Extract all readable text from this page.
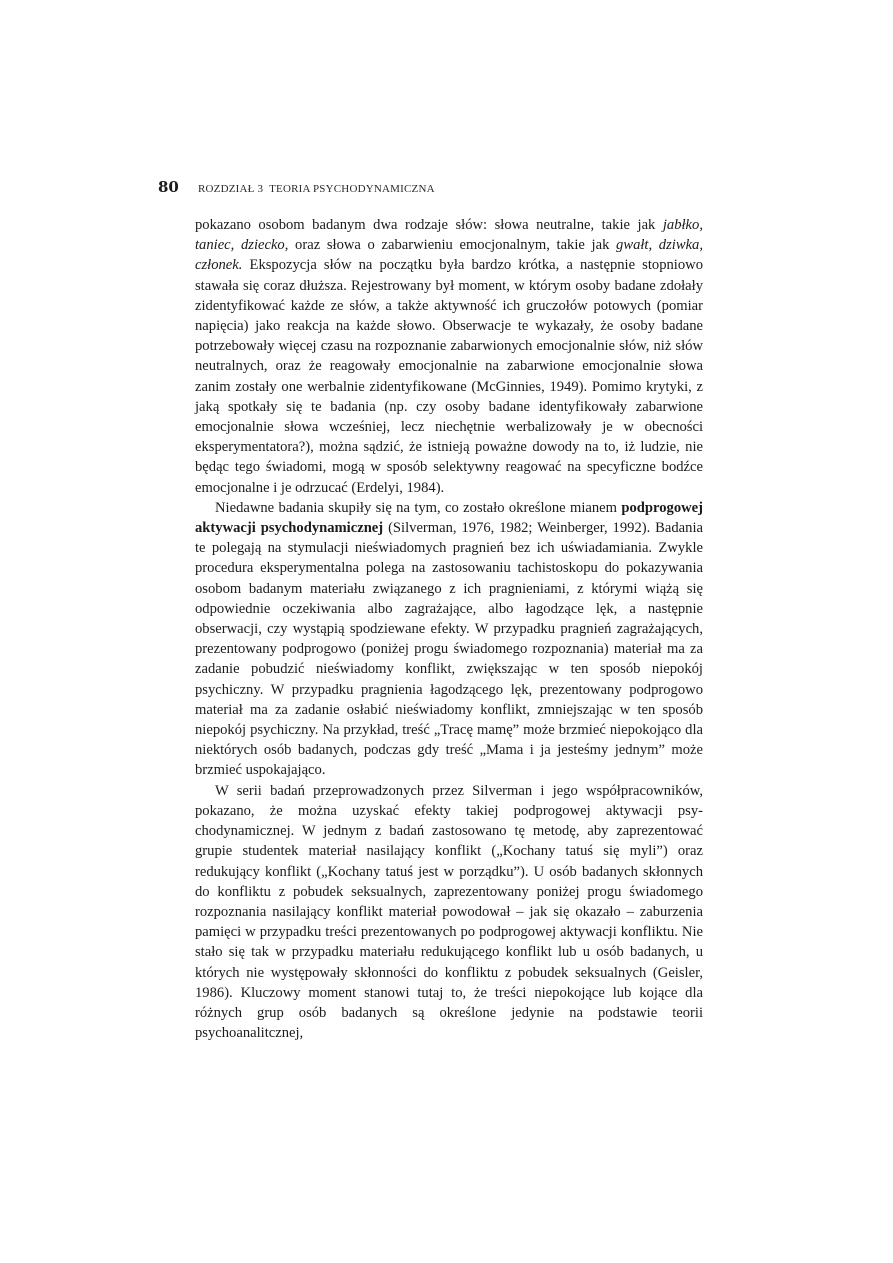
80 ROZDZIAŁ 3 TEORIA PSYCHODYNAMICZNA

pokazano osobom badanym dwa rodzaje słów: słowa neutralne, takie jak jabłko, taniec, dziecko, oraz słowa o zabarwieniu emocjonalnym, takie jak gwałt, dziwka, członek. Ekspozycja słów na początku była bardzo krótka, a następnie stopniowo stawała się coraz dłuższa. Rejestrowany był moment, w którym osoby badane zdołały zidentyfikować każde ze słów, a także aktywność ich gruczołów potowych (pomiar napięcia) jako reakcja na każde słowo. Obserwacje te wykazały, że osoby badane potrzebowały więcej czasu na rozpoznanie zabarwionych emocjonalnie słów, niż słów neutralnych, oraz że reagowały emocjonalnie na zabarwione emocjonalnie słowa zanim zostały one werbalnie zidentyfikowane (McGinnies, 1949). Pomimo krytyki, z jaką spotkały się te badania (np. czy osoby badane identyfikowały zabarwione emocjonalnie słowa wcześniej, lecz niechętnie werbalizowały je w obecności eksperymentatora?), można sądzić, że istnieją poważne dowody na to, iż ludzie, nie będąc tego świadomi, mogą w sposób selektywny reagować na specyficzne bodźce emocjonalne i je odrzucać (Erdelyi, 1984).

Niedawne badania skupiły się na tym, co zostało określone mianem podprogowej aktywacji psychodynamicznej (Silverman, 1976, 1982; Weinberger, 1992). Badania te polegają na stymulacji nieświadomych pragnień bez ich uświadamiania. Zwykle procedura eksperymentalna polega na zastosowaniu tachistoskopu do pokazywania osobom badanym materiału związanego z ich pragnieniami, z którymi wiążą się odpowiednie oczekiwania albo zagrażające, albo łagodzące lęk, a następnie obserwacji, czy wystąpią spodziewane efekty. W przypadku pragnień zagrażających, prezentowany podprogowo (poniżej progu świadomego rozpoznania) materiał ma za zadanie pobudzić nieświadomy konflikt, zwiększając w ten sposób niepokój psychiczny. W przypadku pragnienia łagodzącego lęk, prezentowany podprogowo materiał ma za zadanie osłabić nieświadomy konflikt, zmniejszając w ten sposób niepokój psychiczny. Na przykład, treść „Tracę mamę” może brzmieć niepokojąco dla niektórych osób badanych, podczas gdy treść „Mama i ja jesteśmy jednym” może brzmieć uspokajająco.

W serii badań przeprowadzonych przez Silverman i jego współpracowników, pokazano, że można uzyskać efekty takiej podprogowej aktywacji psychodynamicznej. W jednym z badań zastosowano tę metodę, aby zaprezentować grupie studentek materiał nasilający konflikt („Kochany tatuś się myli”) oraz redukujący konflikt („Kochany tatuś jest w porządku”). U osób badanych skłonnych do konfliktu z pobudek seksualnych, zaprezentowany poniżej progu świadomego rozpoznania nasilający konflikt materiał powodował – jak się okazało – zaburzenia pamięci w przypadku treści prezentowanych po podprogowej aktywacji konfliktu. Nie stało się tak w przypadku materiału redukującego konflikt lub u osób badanych, u których nie występowały skłonności do konfliktu z pobudek seksualnych (Geisler, 1986). Kluczowy moment stanowi tutaj to, że treści niepokojące lub kojące dla różnych grup osób badanych są określone jedynie na podstawie teorii psychoanalitcznej,
